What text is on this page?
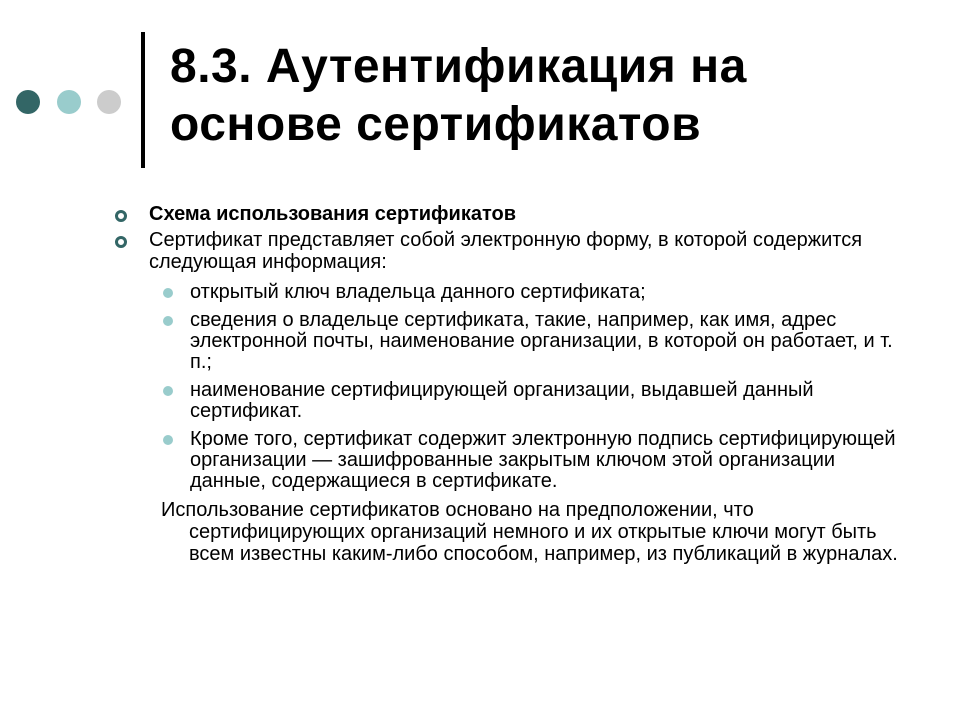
8.3. Аутентификация на основе сертификатов
Схема использования сертификатов
Сертификат представляет собой электронную форму, в которой содержится следующая информация:
открытый ключ владельца данного сертификата;
сведения о владельце сертификата, такие, например, как имя, адрес электронной почты, наименование организации, в которой он работает, и т. п.;
наименование сертифицирующей организации, выдавшей данный сертификат.
Кроме того, сертификат содержит электронную подпись сертифицирующей организации — зашифрованные закрытым ключом этой организации данные, содержащиеся в сертификате.
Использование сертификатов основано на предположении, что сертифицирующих организаций немного и их открытые ключи могут быть всем известны каким-либо способом, например, из публикаций в журналах.
